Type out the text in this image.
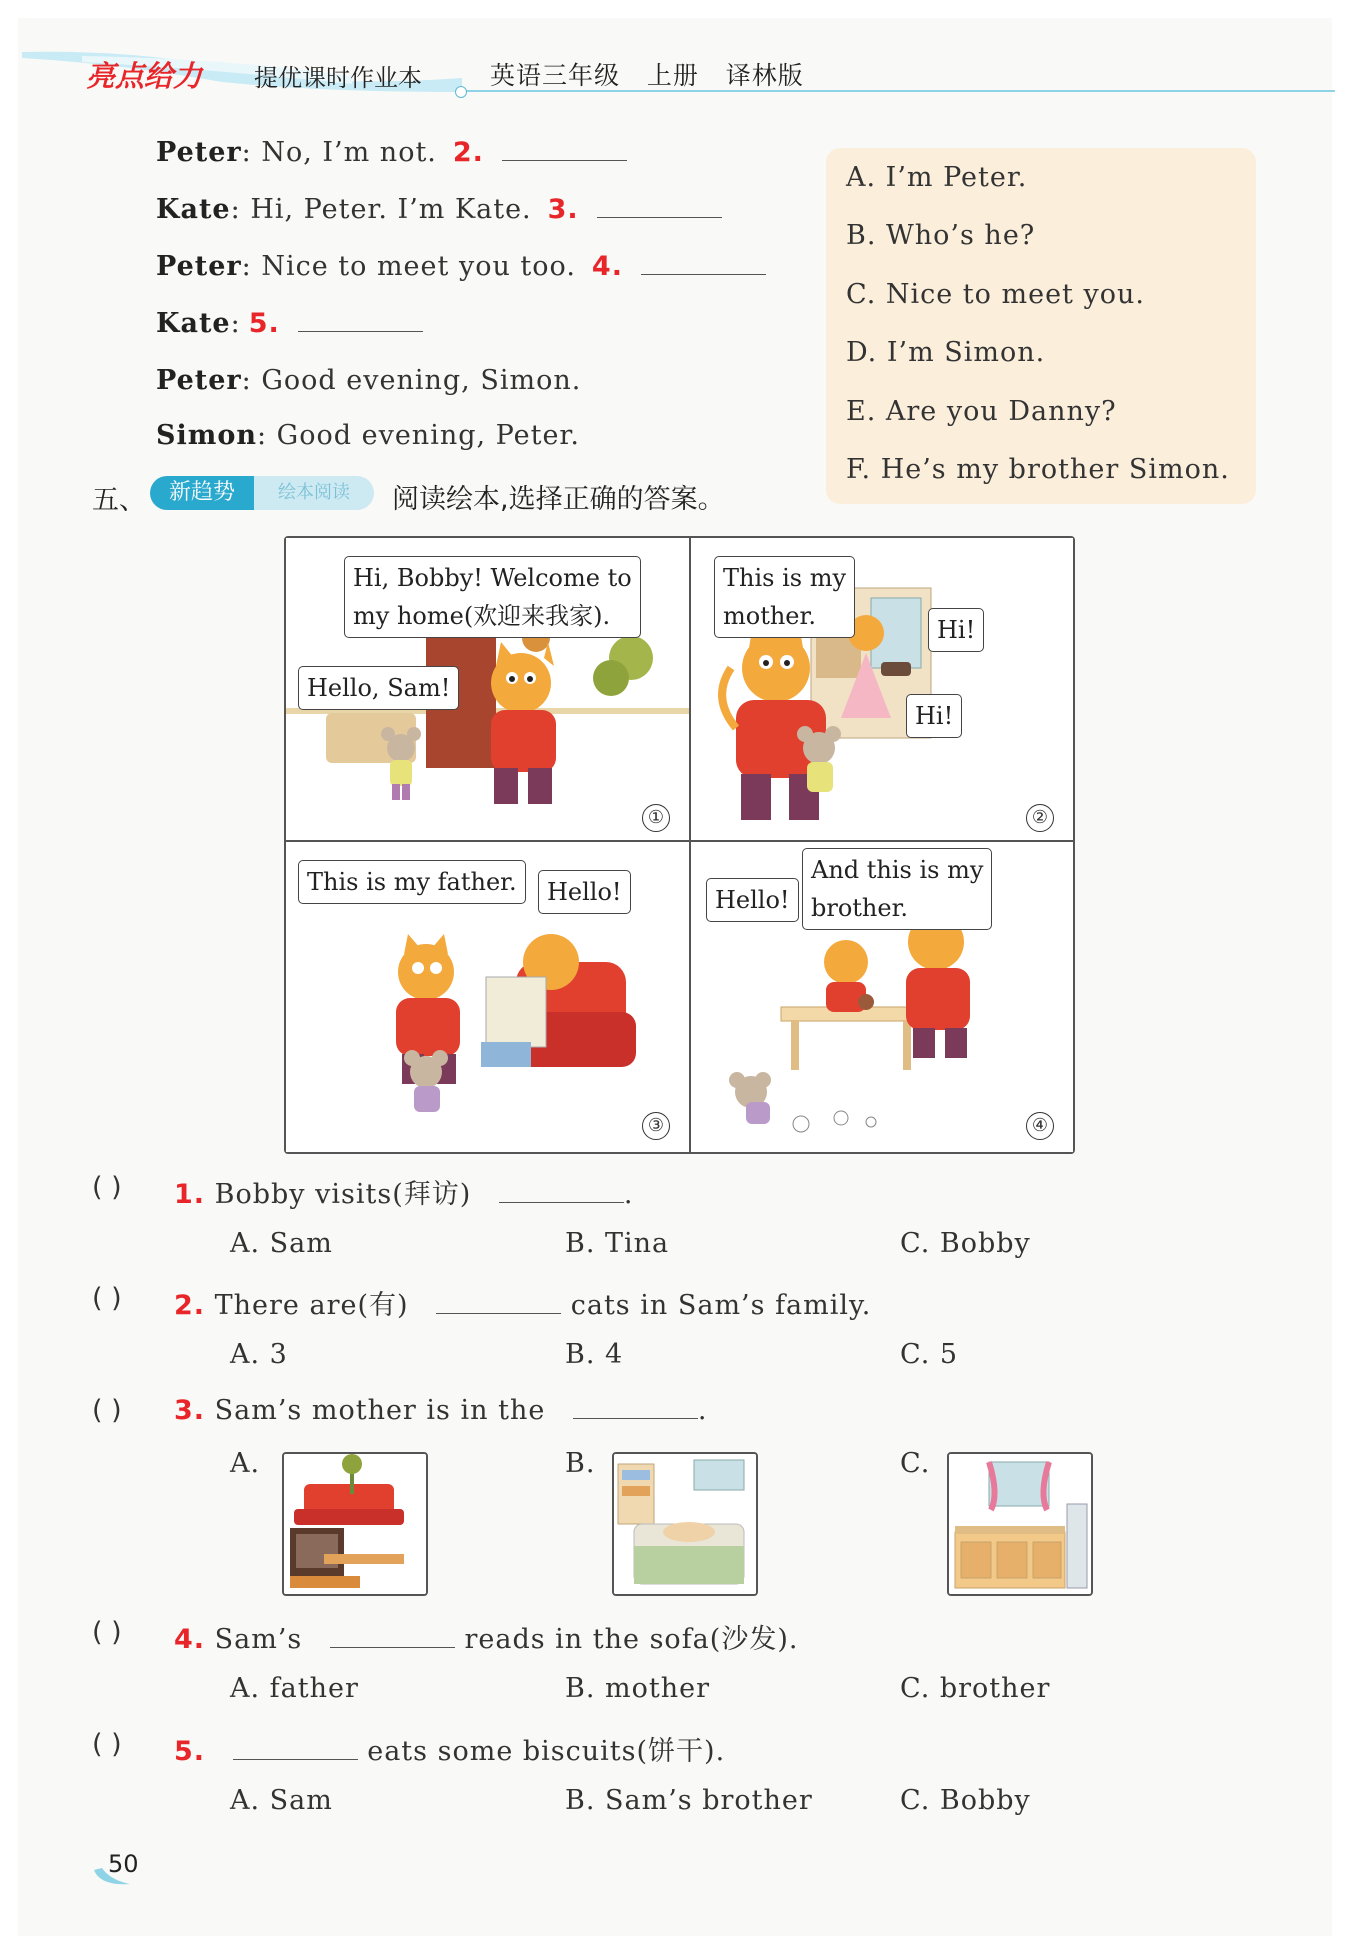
亮点给力 提优课时作业本	英语三年级 上册 译林版
Peter: No, I’m not. 2.
Kate: Hi, Peter. I’m Kate. 3.
Peter: Nice to meet you too. 4.
Kate: 5.
Peter: Good evening, Simon.
Simon: Good evening, Peter.
A. I’m Peter.
B. Who’s he?
C. Nice to meet you.
D. I’m Simon.
E. Are you Danny?
F. He’s my brother Simon.
五、	新趋势	绘本阅读	阅读绘本,选择正确的答案。
Hi, Bobby! Welcome to
my home(欢迎来我家).
Hello, Sam!
①
This is my
mother.	Hi!
Hi!
②
This is my father.	Hello!
③
Hello!
And this is my
brother.
④
( ) 1. Bobby visits(拜访)	.
A. Sam	B. Tina	C. Bobby
( ) 2. There are(有)	cats in Sam’s family.
A. 3	B. 4	C. 5
( ) 3. Sam’s mother is in the	.
A.	B.	C.
( ) 4. Sam’s	reads in the sofa(沙发).
A. father	B. mother	C. brother
( ) 5.	eats some biscuits(饼干).
A. Sam	B. Sam’s brother	C. Bobby
50
